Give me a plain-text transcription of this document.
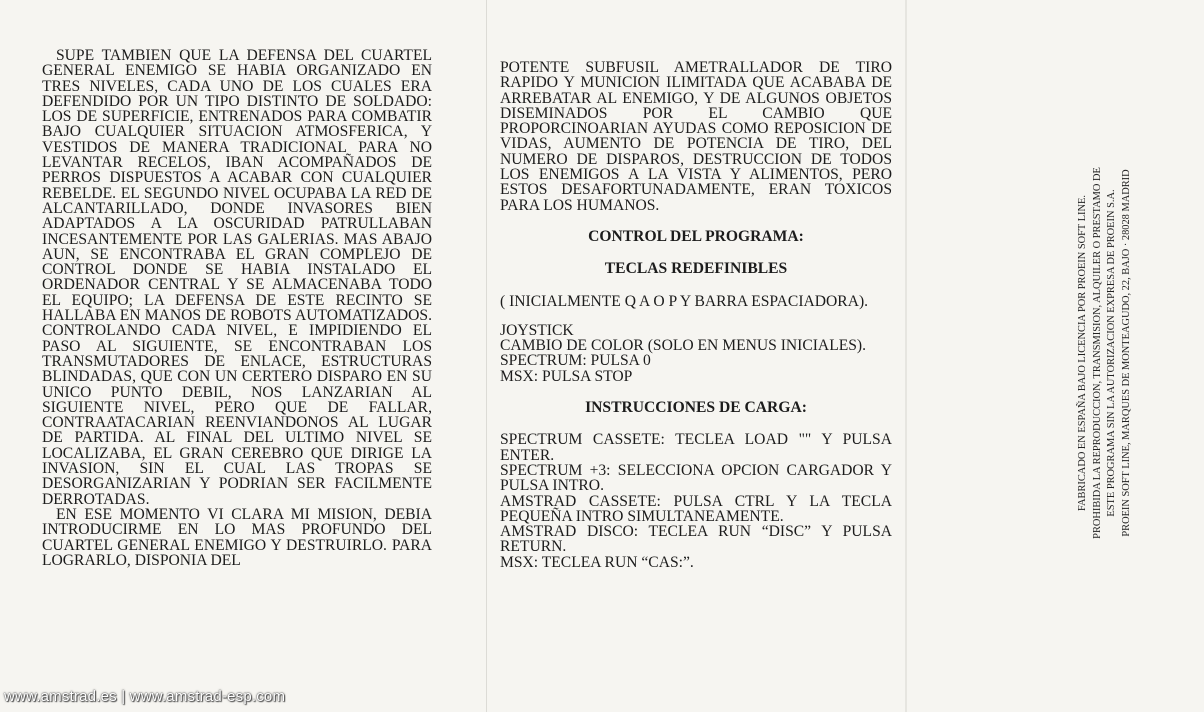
SUPE TAMBIEN QUE LA DEFENSA DEL CUARTEL GENERAL ENEMIGO SE HABIA ORGANIZADO EN TRES NIVELES, CADA UNO DE LOS CUALES ERA DEFENDIDO POR UN TIPO DISTINTO DE SOLDADO: LOS DE SUPERFICIE, ENTRENADOS PARA COMBATIR BAJO CUALQUIER SITUACION ATMOSFERICA, Y VESTIDOS DE MANERA TRADICIONAL PARA NO LEVANTAR RECELOS, IBAN ACOMPAÑADOS DE PERROS DISPUESTOS A ACABAR CON CUALQUIER REBELDE. EL SEGUNDO NIVEL OCUPABA LA RED DE ALCANTARILLADO, DONDE INVASORES BIEN ADAPTADOS A LA OSCURIDAD PATRULLABAN INCESANTEMENTE POR LAS GALERIAS. MAS ABAJO AUN, SE ENCONTRABA EL GRAN COMPLEJO DE CONTROL DONDE SE HABIA INSTALADO EL ORDENADOR CENTRAL Y SE ALMACENABA TODO EL EQUIPO; LA DEFENSA DE ESTE RECINTO SE HALLABA EN MANOS DE ROBOTS AUTOMATIZADOS. CONTROLANDO CADA NIVEL, E IMPIDIENDO EL PASO AL SIGUIENTE, SE ENCONTRABAN LOS TRANSMUTADORES DE ENLACE, ESTRUCTURAS BLINDADAS, QUE CON UN CERTERO DISPARO EN SU UNICO PUNTO DEBIL, NOS LANZARIAN AL SIGUIENTE NIVEL, PERO QUE DE FALLAR, CONTRAATACARIAN REENVIANDONOS AL LUGAR DE PARTIDA. AL FINAL DEL ULTIMO NIVEL SE LOCALIZABA, EL GRAN CEREBRO QUE DIRIGE LA INVASION, SIN EL CUAL LAS TROPAS SE DESORGANIZARIAN Y PODRIAN SER FACILMENTE DERROTADAS.

EN ESE MOMENTO VI CLARA MI MISION, DEBIA INTRODUCIRME EN LO MAS PROFUNDO DEL CUARTEL GENERAL ENEMIGO Y DESTRUIRLO. PARA LOGRARLO, DISPONIA DEL

POTENTE SUBFUSIL AMETRALLADOR DE TIRO RAPIDO Y MUNICION ILIMITADA QUE ACABABA DE ARREBATAR AL ENEMIGO, Y DE ALGUNOS OBJETOS DISEMINADOS POR EL CAMBIO QUE PROPORCINOARIAN AYUDAS COMO REPOSICION DE VIDAS, AUMENTO DE POTENCIA DE TIRO, DEL NUMERO DE DISPAROS, DESTRUCCION DE TODOS LOS ENEMIGOS A LA VISTA Y ALIMENTOS, PERO ESTOS DESAFORTUNADAMENTE, ERAN TOXICOS PARA LOS HUMANOS.

CONTROL DEL PROGRAMA:
TECLAS REDEFINIBLES

( INICIALMENTE Q A O P Y BARRA ESPACIADORA).

JOYSTICK

CAMBIO DE COLOR (SOLO EN MENUS INICIALES).

SPECTRUM: PULSA 0

MSX: PULSA STOP

INSTRUCCIONES DE CARGA:

SPECTRUM CASSETE: TECLEA LOAD "" Y PULSA ENTER.

SPECTRUM +3: SELECCIONA OPCION CARGADOR Y PULSA INTRO.

AMSTRAD CASSETE: PULSA CTRL Y LA TECLA PEQUEÑA INTRO SIMULTANEAMENTE.

AMSTRAD DISCO: TECLEA RUN “DISC” Y PULSA RETURN.

MSX: TECLEA RUN “CAS:”.

FABRICADO EN ESPAÑA BAJO LICENCIA POR PROEIN SOFT LINE. PROHIBIDA LA REPRODUCCION, TRANSMISION, ALQUILER O PRESTAMO DE ESTE PROGRAMA SIN LA AUTORIZACION EXPRESA DE PROEIN S.A. PROEIN SOFT LINE, MARQUES DE MONTEAGUDO, 22, BAJO · 28028 MADRID
www.amstrad.es | www.amstrad-esp.com
